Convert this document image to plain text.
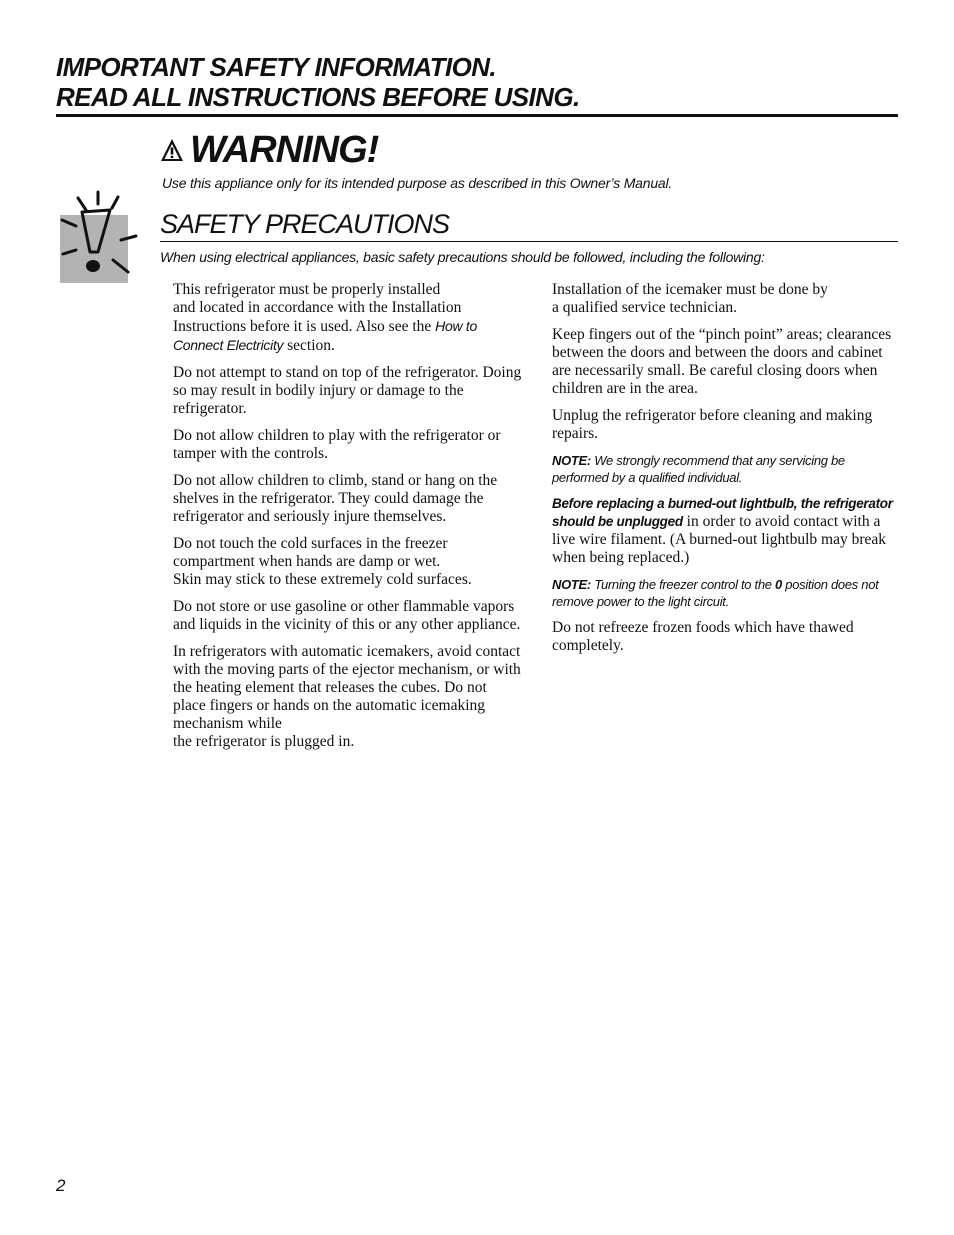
IMPORTANT SAFETY INFORMATION.
READ ALL INSTRUCTIONS BEFORE USING.
WARNING!
Use this appliance only for its intended purpose as described in this Owner’s Manual.
SAFETY PRECAUTIONS
When using electrical appliances, basic safety precautions should be followed, including the following:

This refrigerator must be properly installed
and located in accordance with the Installation
Instructions before it is used. Also see the How to
Connect Electricity section.

Do not attempt to stand on top of the refrigerator. Doing so may result in bodily injury or damage to the refrigerator.

Do not allow children to play with the refrigerator or tamper with the controls.

Do not allow children to climb, stand or hang on the shelves in the refrigerator. They could damage the refrigerator and seriously injure themselves.

Do not touch the cold surfaces in the freezer
compartment when hands are damp or wet.
Skin may stick to these extremely cold surfaces.

Do not store or use gasoline or other flammable vapors and liquids in the vicinity of this or any other appliance.

In refrigerators with automatic icemakers, avoid contact with the moving parts of the ejector mechanism, or with the heating element that releases the cubes. Do not place fingers or hands on the automatic icemaking mechanism while
the refrigerator is plugged in.

Installation of the icemaker must be done by
a qualified service technician.

Keep fingers out of the “pinch point” areas; clearances between the doors and between the doors and cabinet are necessarily small. Be careful closing doors when children are in the area.

Unplug the refrigerator before cleaning and making repairs.

NOTE: We strongly recommend that any servicing be performed by a qualified individual.

Before replacing a burned-out lightbulb, the refrigerator should be unplugged in order to avoid contact with a live wire filament. (A burned-out lightbulb may break when being replaced.)

NOTE: Turning the freezer control to the 0 position does not remove power to the light circuit.

Do not refreeze frozen foods which have thawed completely.

2
